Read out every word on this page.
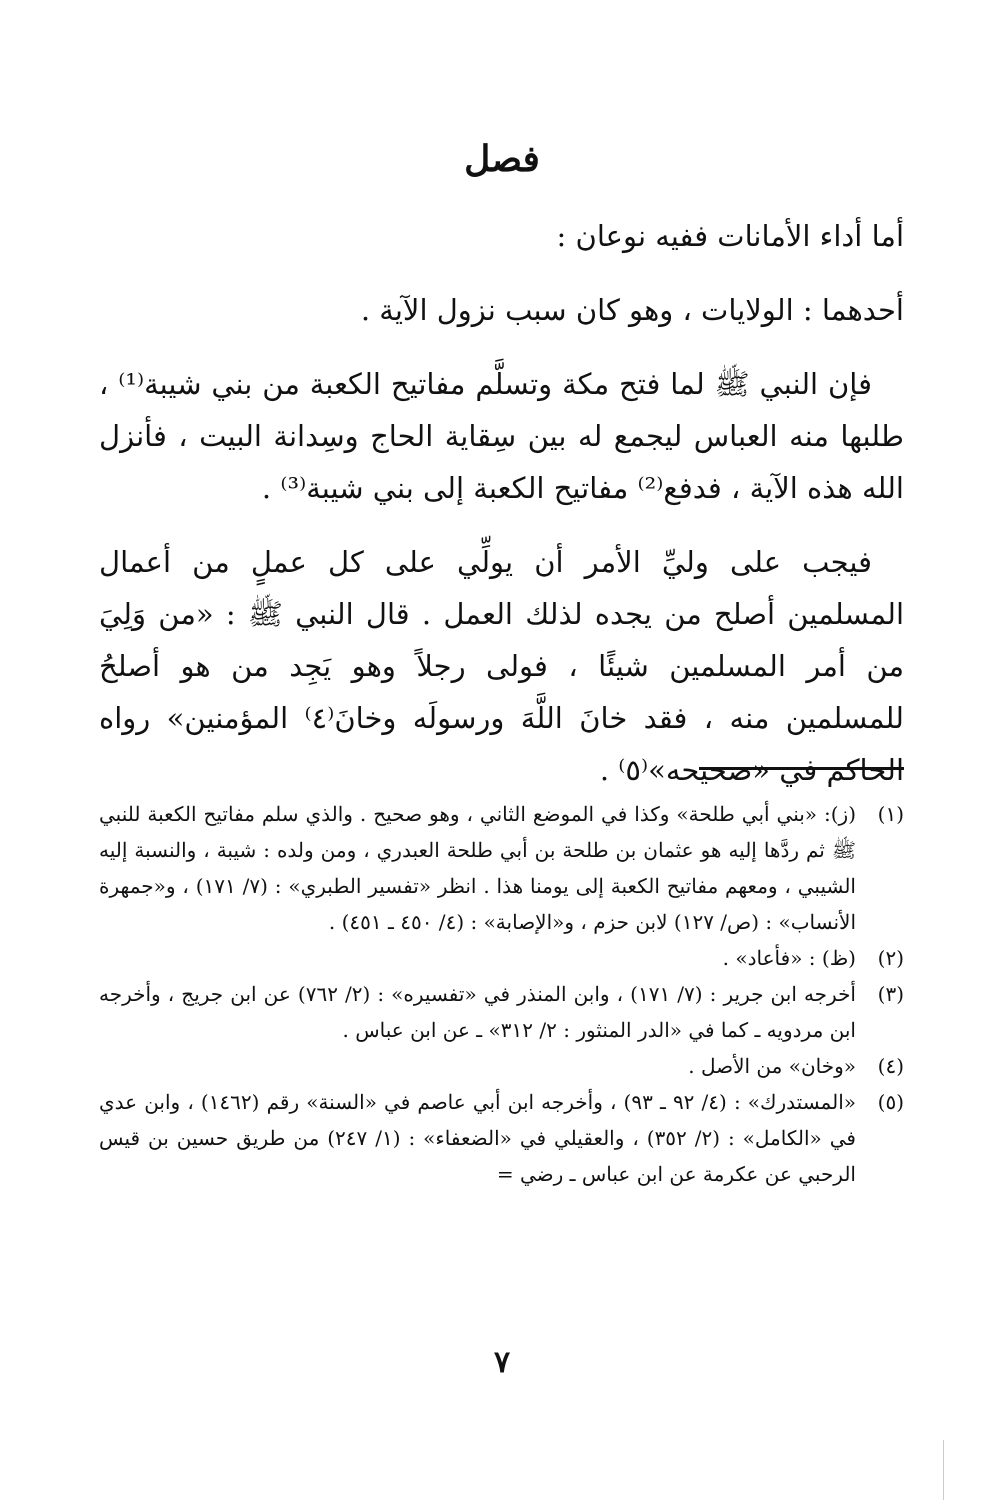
فصل

أما أداء الأمانات ففيه نوعان :

أحدهما : الولايات ، وهو كان سبب نزول الآية .

فإن النبي ﷺ لما فتح مكة وتسلَّم مفاتيح الكعبة من بني شيبة⁽¹⁾ ، طلبها منه العباس ليجمع له بين سِقاية الحاج وسِدانة البيت ، فأنزل الله هذه الآية ، فدفع⁽²⁾ مفاتيح الكعبة إلى بني شيبة⁽³⁾ .

فيجب على وليِّ الأمر أن يولِّي على كل عملٍ من أعمال المسلمين أصلح من يجده لذلك العمل . قال النبي ﷺ : «من وَلِيَ من أمر المسلمين شيئًا ، فولى رجلاً وهو يَجِد من هو أصلحُ للمسلمين منه ، فقد خانَ اللَّهَ ورسولَه وخانَ⁽٤⁾ المؤمنين» رواه الحاكم في «صحيحه»⁽٥⁾ .

(١)
(ز): «بني أبي طلحة» وكذا في الموضع الثاني ، وهو صحيح . والذي سلم مفاتيح الكعبة للنبي ﷺ ثم ردَّها إليه هو عثمان بن طلحة بن أبي طلحة العبدري ، ومن ولده : شيبة ، والنسبة إليه الشيبي ، ومعهم مفاتيح الكعبة إلى يومنا هذا . انظر «تفسير الطبري» : (٧/ ١٧١) ، و«جمهرة الأنساب» : (ص/ ١٢٧) لابن حزم ، و«الإصابة» : (٤/ ٤٥٠ ـ ٤٥١) .
(٢)
(ظ) : «فأعاد» .
(٣)
أخرجه ابن جرير : (٧/ ١٧١) ، وابن المنذر في «تفسيره» : (٢/ ٧٦٢) عن ابن جريج ، وأخرجه ابن مردويه ـ كما في «الدر المنثور : ٢/ ٣١٢» ـ عن ابن عباس .
(٤)
«وخان» من الأصل .
(٥)
«المستدرك» : (٤/ ٩٢ ـ ٩٣) ، وأخرجه ابن أبي عاصم في «السنة» رقم (١٤٦٢) ، وابن عدي في «الكامل» : (٢/ ٣٥٢) ، والعقيلي في «الضعفاء» : (١/ ٢٤٧) من طريق حسين بن قيس الرحبي عن عكرمة عن ابن عباس ـ رضي =
٧
